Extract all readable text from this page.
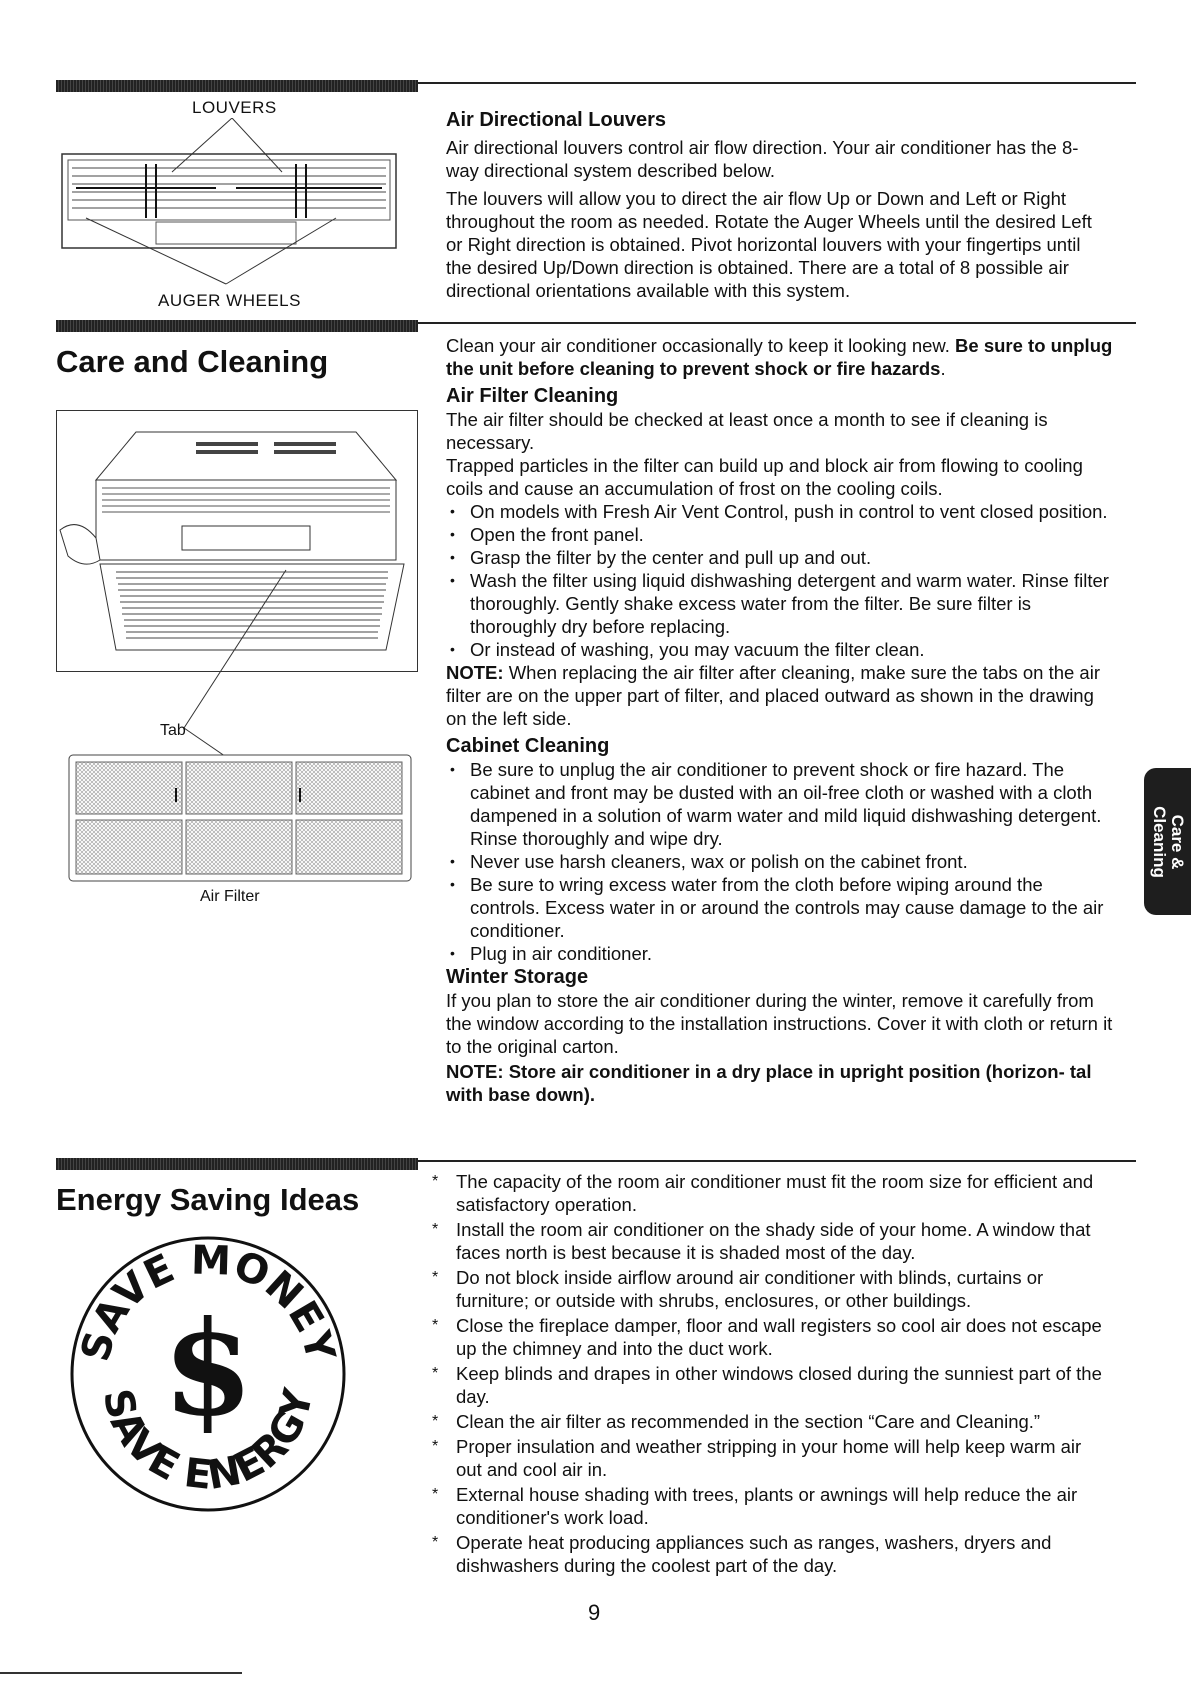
LOUVERS
AUGER WHEELS
Air Directional Louvers

Air directional louvers control air flow direction. Your air conditioner has the 8-way directional system described below.

The louvers will allow you to direct the air flow Up or Down and Left or Right throughout the room as needed. Rotate the Auger Wheels until the desired Left or Right direction is obtained. Pivot horizontal louvers with your fingertips until the desired Up/Down direction is obtained. There are a total of 8 possible air directional orientations available with this system.

Care and Cleaning
Tab
Air Filter

Clean your air conditioner occasionally to keep it looking new. Be sure to unplug the unit before cleaning to prevent shock or fire hazards.

Air Filter Cleaning

The air filter should be checked at least once a month to see if cleaning is necessary.

Trapped particles in the filter can build up and block air from flowing to cooling coils and cause an accumulation of frost on the cooling coils.

• On models with Fresh Air Vent Control, push in control to vent closed position.
• Open the front panel.
• Grasp the filter by the center and pull up and out.
• Wash the filter using liquid dishwashing detergent and warm water. Rinse filter thoroughly. Gently shake excess water from the filter. Be sure filter is thoroughly dry before replacing.
• Or instead of washing, you may vacuum the filter clean.

NOTE: When replacing the air filter after cleaning, make sure the tabs on the air filter are on the upper part of filter, and placed outward as shown in the drawing on the left side.

Cabinet Cleaning
• Be sure to unplug the air conditioner to prevent shock or fire hazard. The cabinet and front may be dusted with an oil-free cloth or washed with a cloth dampened in a solution of warm water and mild liquid dishwashing detergent. Rinse thoroughly and wipe dry.
• Never use harsh cleaners, wax or polish on the cabinet front.
• Be sure to wring excess water from the cloth before wiping around the controls. Excess water in or around the controls may cause damage to the air conditioner.
• Plug in air conditioner.
Winter Storage

If you plan to store the air conditioner during the winter, remove it carefully from the window according to the installation instructions. Cover it with cloth or return it to the original carton.

NOTE: Store air conditioner in a dry place in upright position (horizon- tal with base down).

Energy Saving Ideas
SAVE MONEY
SAVE ENERGY
$
* The capacity of the room air conditioner must fit the room size for efficient and satisfactory operation.
* Install the room air conditioner on the shady side of your home. A window that faces north is best because it is shaded most of the day.
* Do not block inside airflow around air conditioner with blinds, curtains or furniture; or outside with shrubs, enclosures, or other buildings.
* Close the fireplace damper, floor and wall registers so cool air does not escape up the chimney and into the duct work.
* Keep blinds and drapes in other windows closed during the sunniest part of the day.
* Clean the air filter as recommended in the section “Care and Cleaning.”
* Proper insulation and weather stripping in your home will help keep warm air out and cool air in.
* External house shading with trees, plants or awnings will help reduce the air conditioner's work load.
* Operate heat producing appliances such as ranges, washers, dryers and dishwashers during the coolest part of the day.
Care &
Cleaning
9
